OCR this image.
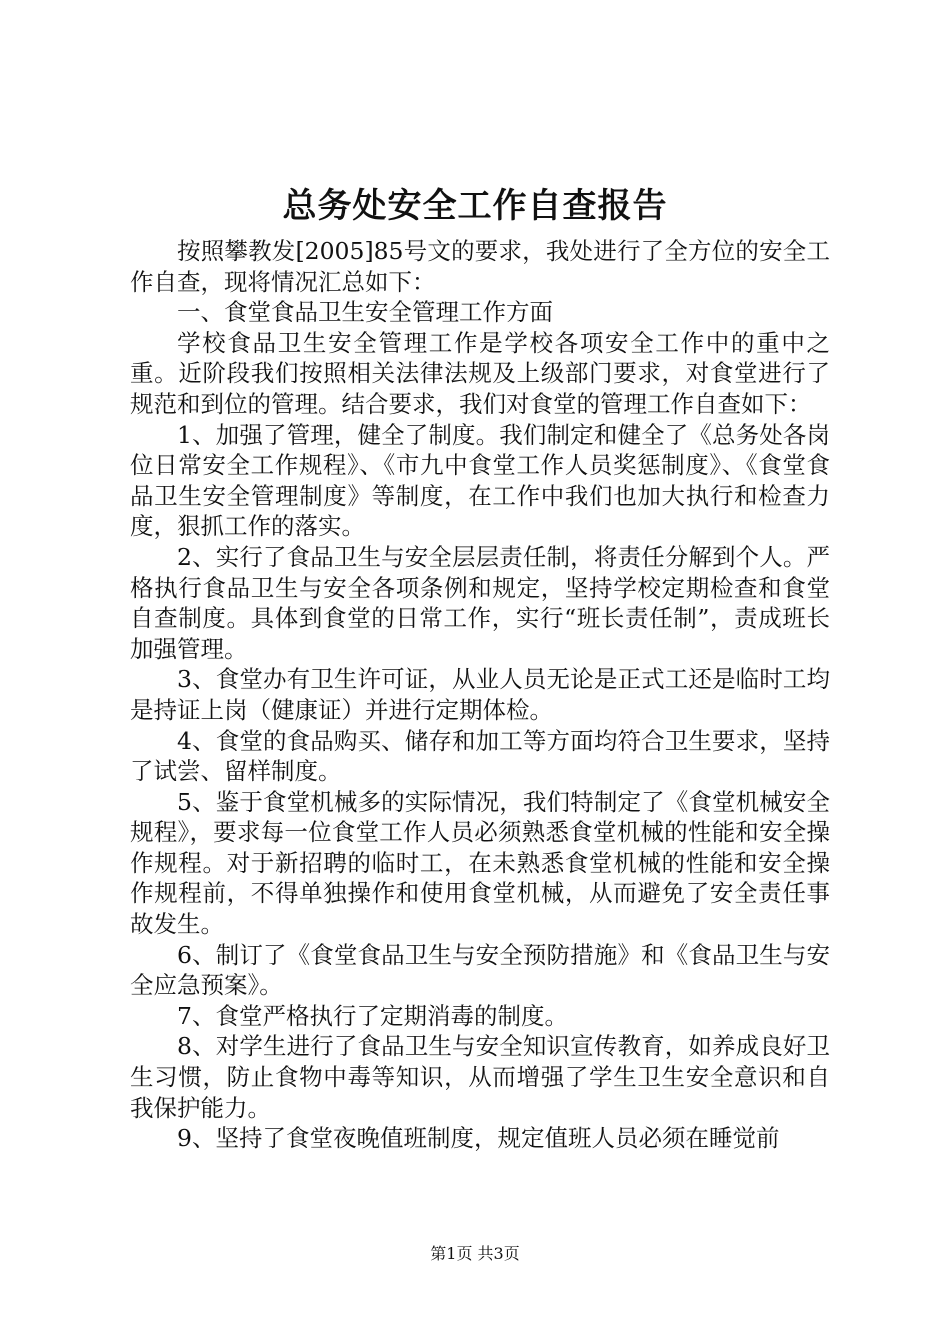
总务处安全工作自查报告

按照攀教发[2005]85号文的要求，我处进行了全方位的安全工作自查，现将情况汇总如下：

一、食堂食品卫生安全管理工作方面

学校食品卫生安全管理工作是学校各项安全工作中的重中之重。近阶段我们按照相关法律法规及上级部门要求，对食堂进行了规范和到位的管理。结合要求，我们对食堂的管理工作自查如下：

1、加强了管理，健全了制度。我们制定和健全了《总务处各岗位日常安全工作规程》、《市九中食堂工作人员奖惩制度》、《食堂食品卫生安全管理制度》等制度，在工作中我们也加大执行和检查力度，狠抓工作的落实。

2、实行了食品卫生与安全层层责任制，将责任分解到个人。严格执行食品卫生与安全各项条例和规定，坚持学校定期检查和食堂自查制度。具体到食堂的日常工作，实行“班长责任制”，责成班长加强管理。

3、食堂办有卫生许可证，从业人员无论是正式工还是临时工均是持证上岗（健康证）并进行定期体检。

4、食堂的食品购买、储存和加工等方面均符合卫生要求，坚持了试尝、留样制度。

5、鉴于食堂机械多的实际情况，我们特制定了《食堂机械安全规程》，要求每一位食堂工作人员必须熟悉食堂机械的性能和安全操作规程。对于新招聘的临时工，在未熟悉食堂机械的性能和安全操作规程前，不得单独操作和使用食堂机械，从而避免了安全责任事故发生。

6、制订了《食堂食品卫生与安全预防措施》和《食品卫生与安全应急预案》。

7、食堂严格执行了定期消毒的制度。

8、对学生进行了食品卫生与安全知识宣传教育，如养成良好卫生习惯，防止食物中毒等知识，从而增强了学生卫生安全意识和自我保护能力。

9、坚持了食堂夜晚值班制度，规定值班人员必须在睡觉前

第1页 共3页
